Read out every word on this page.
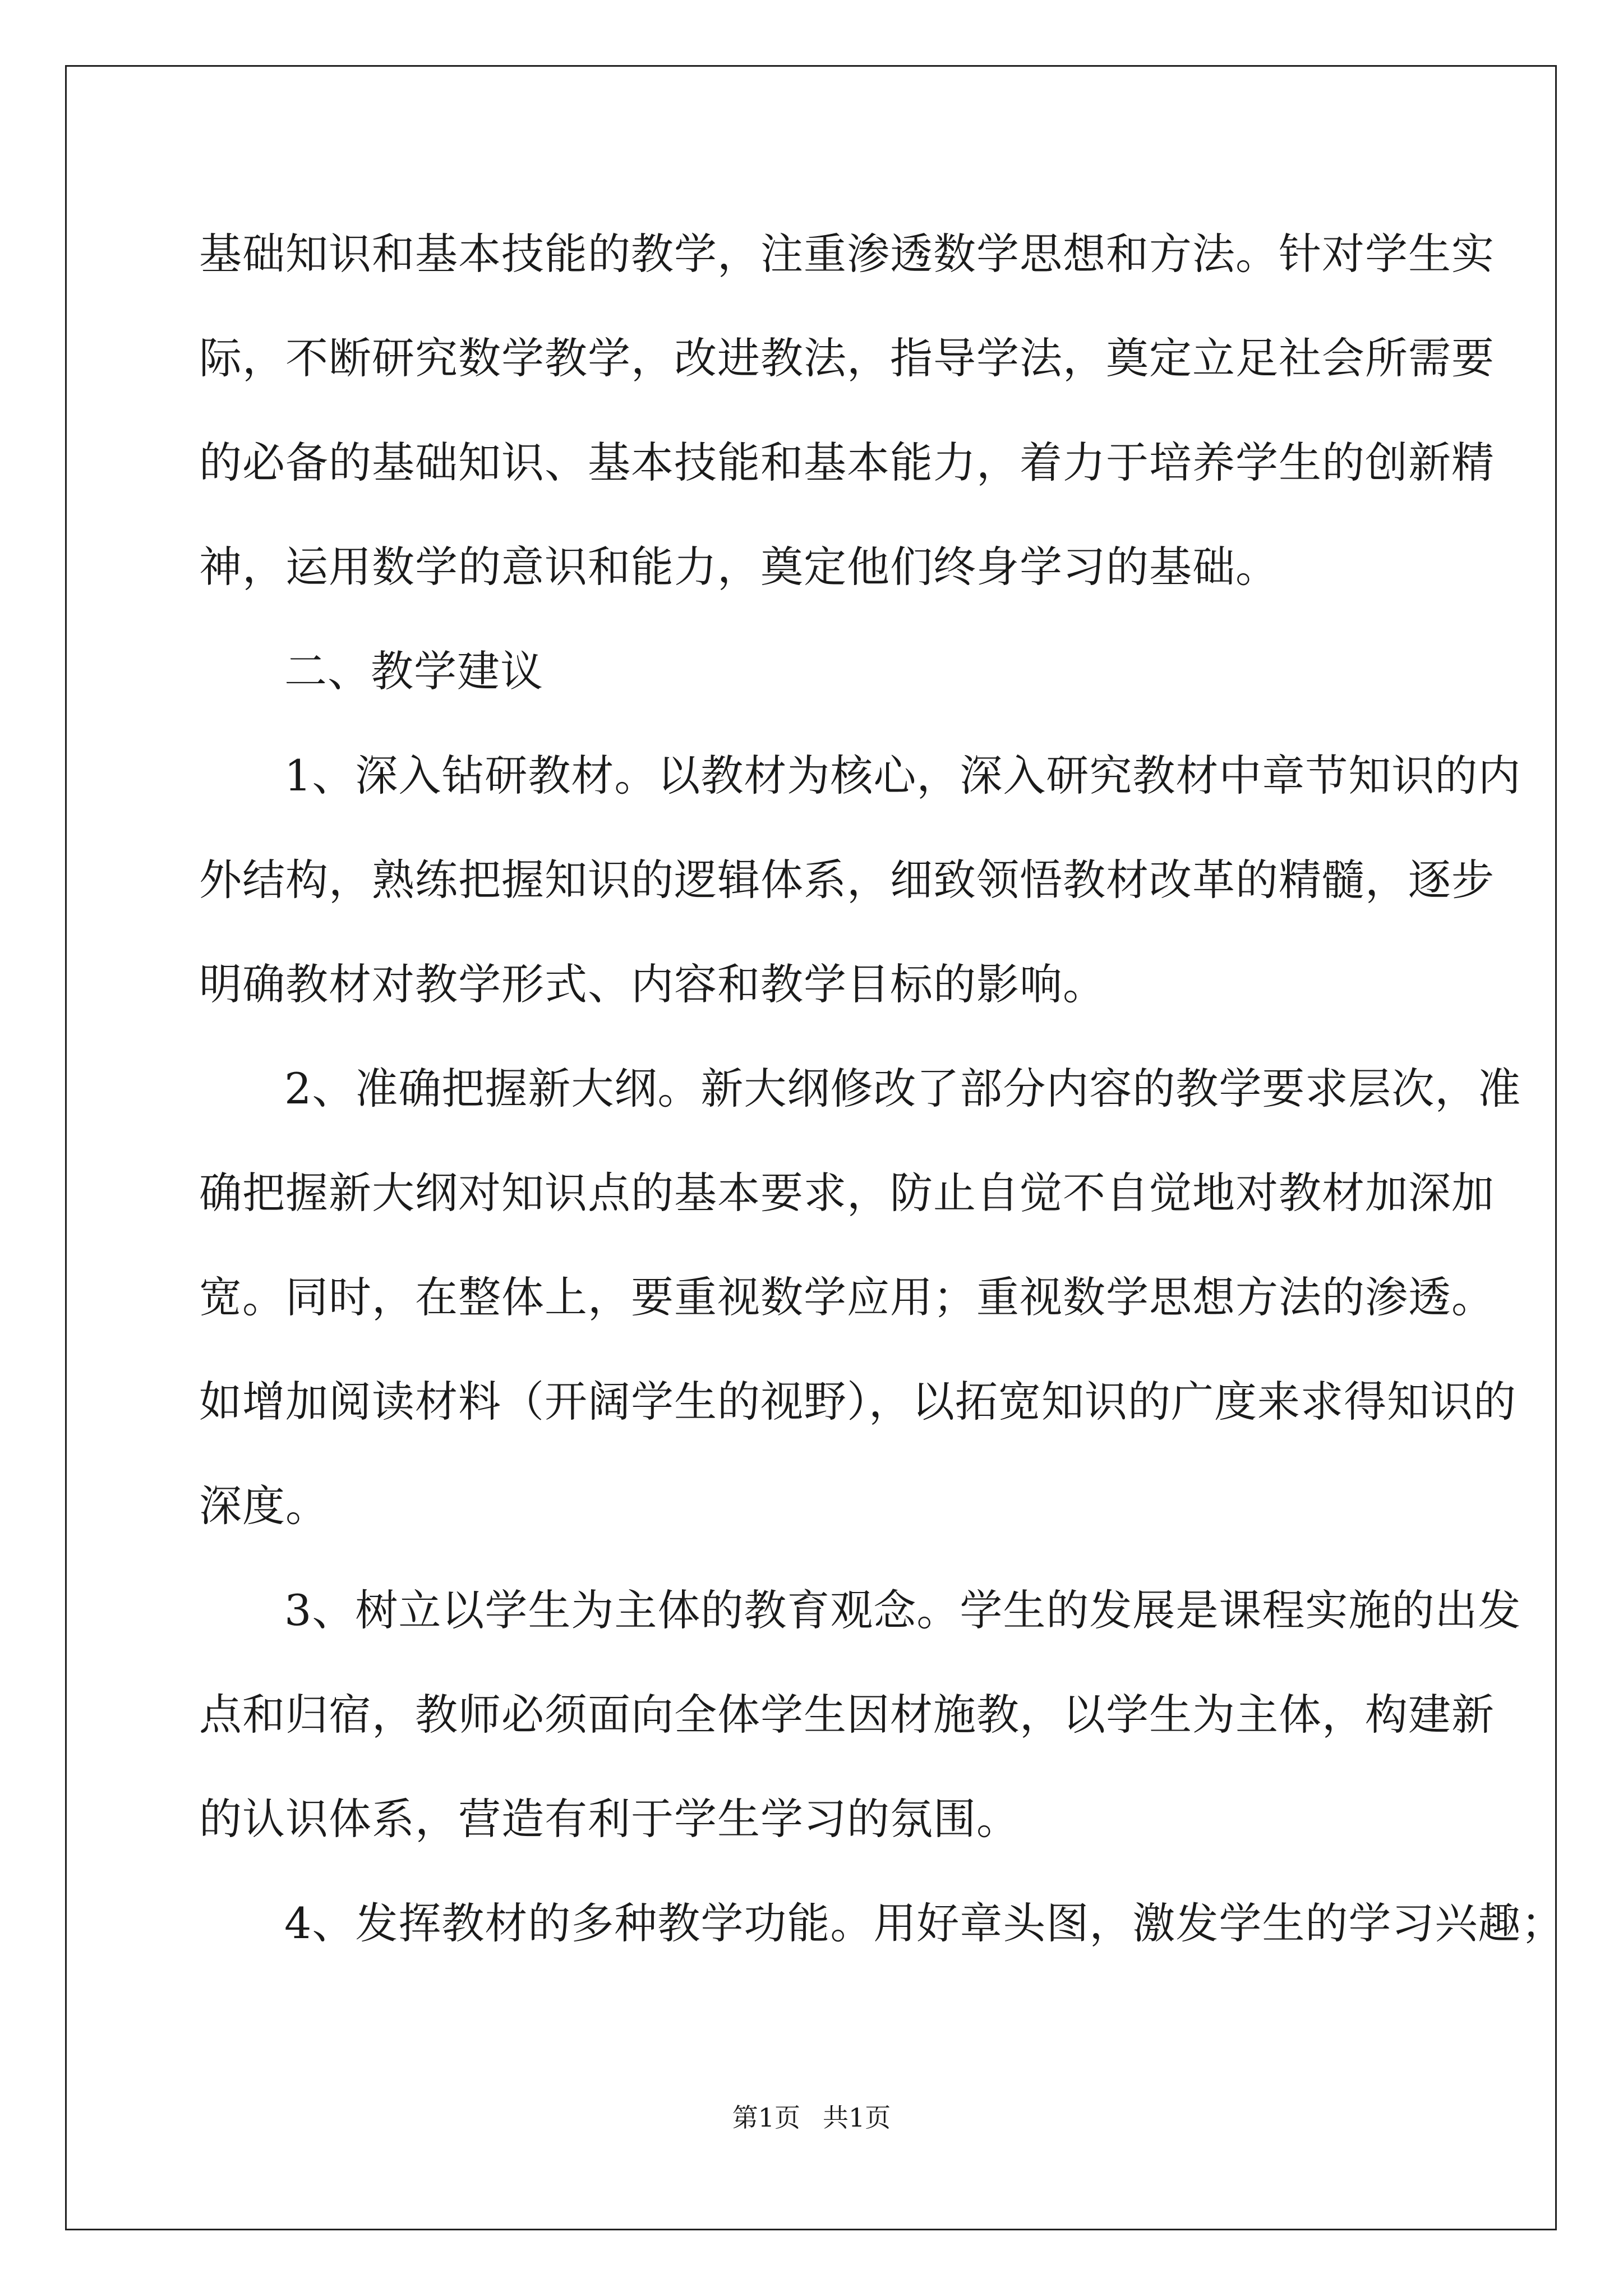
基础知识和基本技能的教学，注重渗透数学思想和方法。针对学生实
际，不断研究数学教学，改进教法，指导学法，奠定立足社会所需要
的必备的基础知识、基本技能和基本能力，着力于培养学生的创新精
神，运用数学的意识和能力，奠定他们终身学习的基础。
二、教学建议
1、深入钻研教材。以教材为核心，深入研究教材中章节知识的内
外结构，熟练把握知识的逻辑体系，细致领悟教材改革的精髓，逐步
明确教材对教学形式、内容和教学目标的影响。
2、准确把握新大纲。新大纲修改了部分内容的教学要求层次，准
确把握新大纲对知识点的基本要求，防止自觉不自觉地对教材加深加
宽。同时，在整体上，要重视数学应用；重视数学思想方法的渗透。
如增加阅读材料（开阔学生的视野），以拓宽知识的广度来求得知识的
深度。
3、树立以学生为主体的教育观念。学生的发展是课程实施的出发
点和归宿，教师必须面向全体学生因材施教，以学生为主体，构建新
的认识体系，营造有利于学生学习的氛围。
4、发挥教材的多种教学功能。用好章头图，激发学生的学习兴趣；
第1页 共1页
